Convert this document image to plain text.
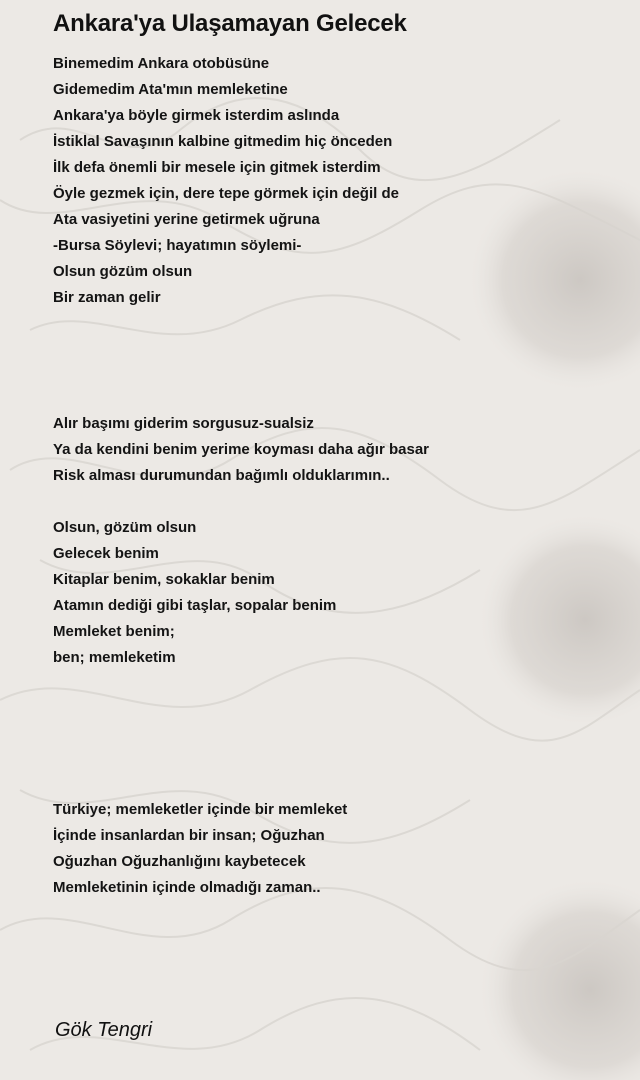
Ankara'ya Ulaşamayan Gelecek
Binemedim Ankara otobüsüne
Gidemedim Ata'mın memleketine
Ankara'ya böyle girmek isterdim aslında
İstiklal Savaşının kalbine gitmedim hiç önceden
İlk defa önemli bir mesele için gitmek isterdim
Öyle gezmek için, dere tepe görmek için değil de
Ata vasiyetini yerine getirmek uğruna
-Bursa Söylevi; hayatımın söylemi-
Olsun gözüm olsun
Bir zaman gelir
Alır başımı giderim sorgusuz-sualsiz
Ya da kendini benim yerime koyması daha ağır basar
Risk alması durumundan bağımlı olduklarımın..
Olsun, gözüm olsun
Gelecek benim
Kitaplar benim, sokaklar benim
Atamın dediği gibi taşlar, sopalar benim
Memleket benim;
ben; memleketim
Türkiye; memleketler içinde bir memleket
İçinde insanlardan bir insan; Oğuzhan
Oğuzhan Oğuzhanlığını kaybetecek
Memleketinin içinde olmadığı zaman..
Gök Tengri
